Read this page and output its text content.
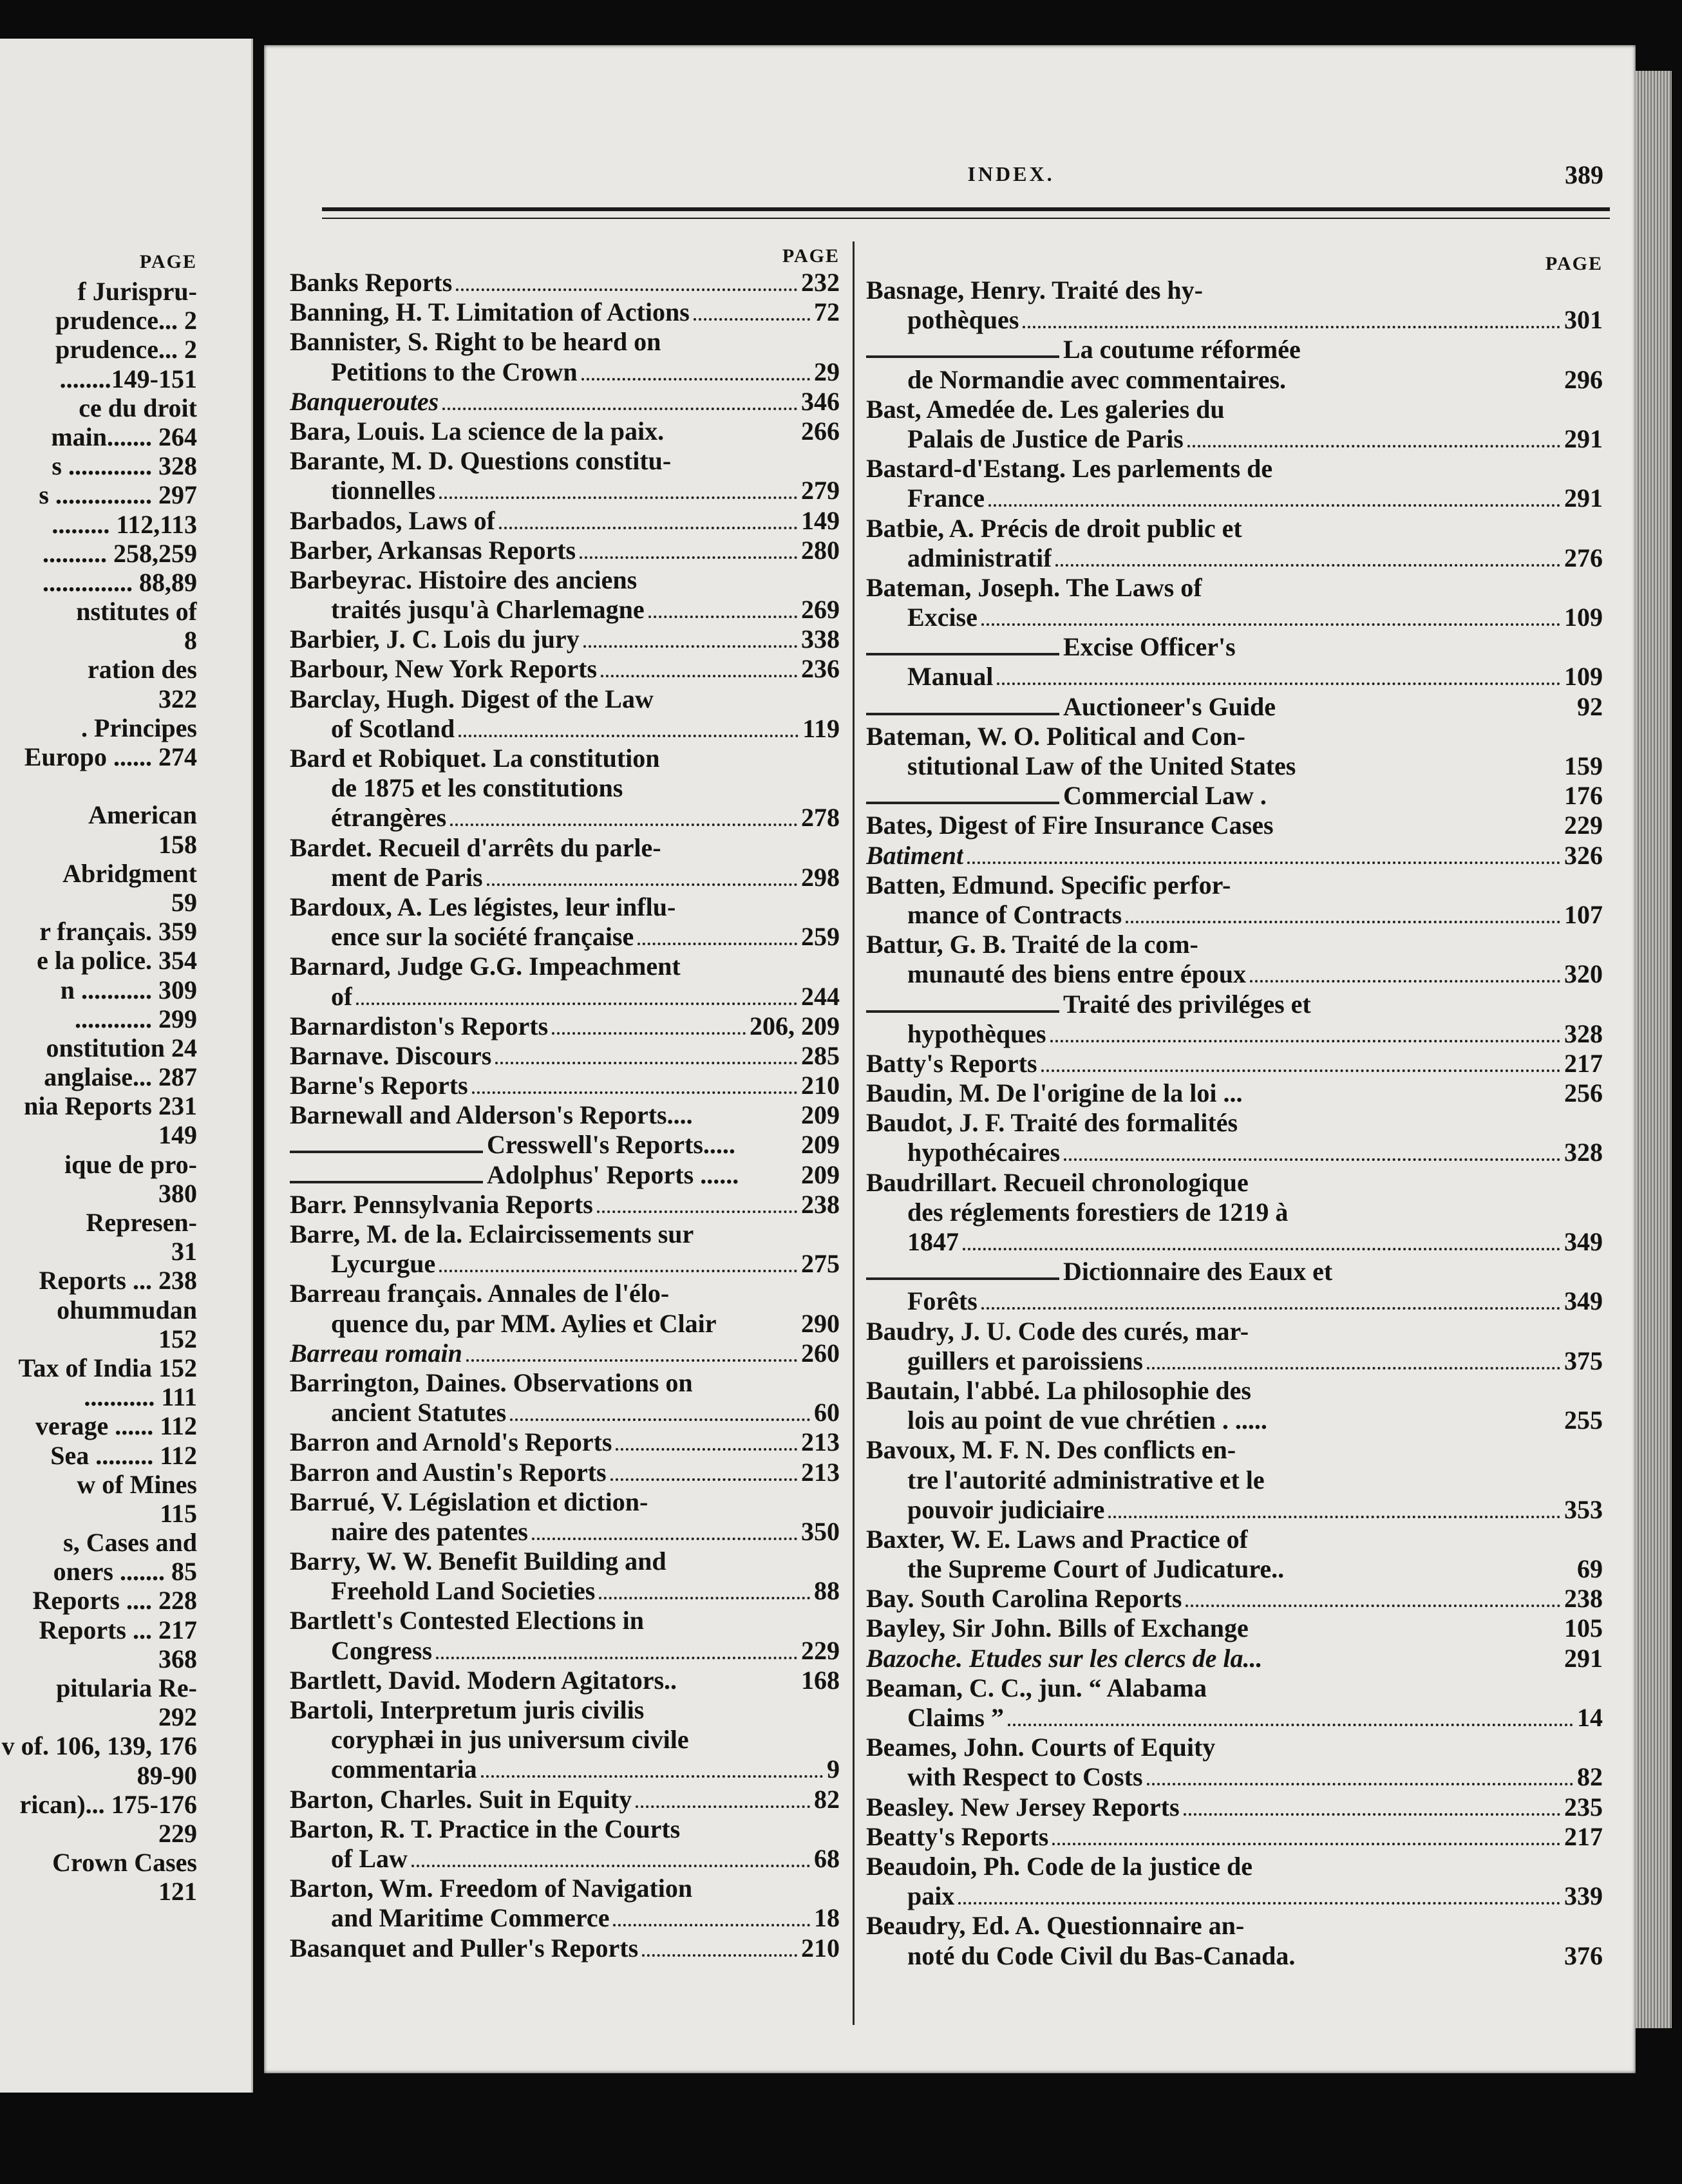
PAGE
f Jurispru-
prudence... 2
prudence... 2
........149-151
ce du droit
main....... 264
s ............. 328
s ............... 297
......... 112,113
.......... 258,259
.............. 88,89
nstitutes of
8
ration des
322
. Principes
Europo ...... 274
American
158
Abridgment
59
r français. 359
e la police. 354
n ........... 309
............ 299
onstitution 24
anglaise... 287
nia Reports 231
149
ique de pro-
380
Represen-
31
Reports ... 238
ohummudan
152
Tax of India 152
........... 111
verage ...... 112
Sea ......... 112
w of Mines
115
s, Cases and
oners ....... 85
Reports .... 228
Reports ... 217
368
pitularia Re-
292
v of. 106, 139, 176
89-90
rican)... 175-176
229
Crown Cases
121
INDEX.	389
PAGE
Banks Reports	232
Banning, H. T. Limitation of Actions	72
Bannister, S. Right to be heard on
Petitions to the Crown	29
Banqueroutes	346
Bara, Louis. La science de la paix.	266
Barante, M. D. Questions constitu-
tionnelles	279
Barbados, Laws of	149
Barber, Arkansas Reports	280
Barbeyrac. Histoire des anciens
traités jusqu'à Charlemagne	269
Barbier, J. C. Lois du jury	338
Barbour, New York Reports	236
Barclay, Hugh. Digest of the Law
of Scotland	119
Bard et Robiquet. La constitution
de 1875 et les constitutions
étrangères	278
Bardet. Recueil d'arrêts du parle-
ment de Paris	298
Bardoux, A. Les légistes, leur influ-
ence sur la société française	259
Barnard, Judge G.G. Impeachment
of	244
Barnardiston's Reports	206, 209
Barnave. Discours	285
Barne's Reports	210
Barnewall and Alderson's Reports....	209
Cresswell's Reports.....	209
Adolphus' Reports ...... 209
Barr. Pennsylvania Reports	238
Barre, M. de la. Eclaircissements sur
Lycurgue	275
Barreau français. Annales de l'élo-
quence du, par MM. Aylies et Clair	290
Barreau romain	260
Barrington, Daines. Observations on
ancient Statutes	60
Barron and Arnold's Reports	213
Barron and Austin's Reports	213
Barrué, V. Législation et diction-
naire des patentes	350
Barry, W. W. Benefit Building and
Freehold Land Societies	88
Bartlett's Contested Elections in
Congress	229
Bartlett, David. Modern Agitators..	168
Bartoli, Interpretum juris civilis
coryphæi in jus universum civile
commentaria	9
Barton, Charles. Suit in Equity	82
Barton, R. T. Practice in the Courts
of Law	68
Barton, Wm. Freedom of Navigation
and Maritime Commerce	18
Basanquet and Puller's Reports	210
PAGE
Basnage, Henry. Traité des hy-
pothèques	301
La coutume réformée
de Normandie avec commentaires.	296
Bast, Amedée de. Les galeries du
Palais de Justice de Paris	291
Bastard-d'Estang. Les parlements de
France	291
Batbie, A. Précis de droit public et
administratif	276
Bateman, Joseph. The Laws of
Excise	109
Excise Officer's
Manual	109
Auctioneer's Guide	92
Bateman, W. O. Political and Con-
stitutional Law of the United States	159
Commercial Law .	176
Bates, Digest of Fire Insurance Cases	229
Batiment	326
Batten, Edmund. Specific perfor-
mance of Contracts	107
Battur, G. B. Traité de la com-
munauté des biens entre époux	320
Traité des priviléges et
hypothèques	328
Batty's Reports	217
Baudin, M. De l'origine de la loi ...	256
Baudot, J. F. Traité des formalités
hypothécaires	328
Baudrillart. Recueil chronologique
des réglements forestiers de 1219 à
1847	349
Dictionnaire des Eaux et
Forêts	349
Baudry, J. U. Code des curés, mar-
guillers et paroissiens	375
Bautain, l'abbé. La philosophie des
lois au point de vue chrétien . .....	255
Bavoux, M. F. N. Des conflicts en-
tre l'autorité administrative et le
pouvoir judiciaire	353
Baxter, W. E. Laws and Practice of
the Supreme Court of Judicature..	69
Bay. South Carolina Reports	238
Bayley, Sir John. Bills of Exchange	105
Bazoche. Etudes sur les clercs de la...	291
Beaman, C. C., jun. “ Alabama
Claims ”	14
Beames, John. Courts of Equity
with Respect to Costs	82
Beasley. New Jersey Reports	235
Beatty's Reports	217
Beaudoin, Ph. Code de la justice de
paix	339
Beaudry, Ed. A. Questionnaire an-
noté du Code Civil du Bas-Canada.	376
